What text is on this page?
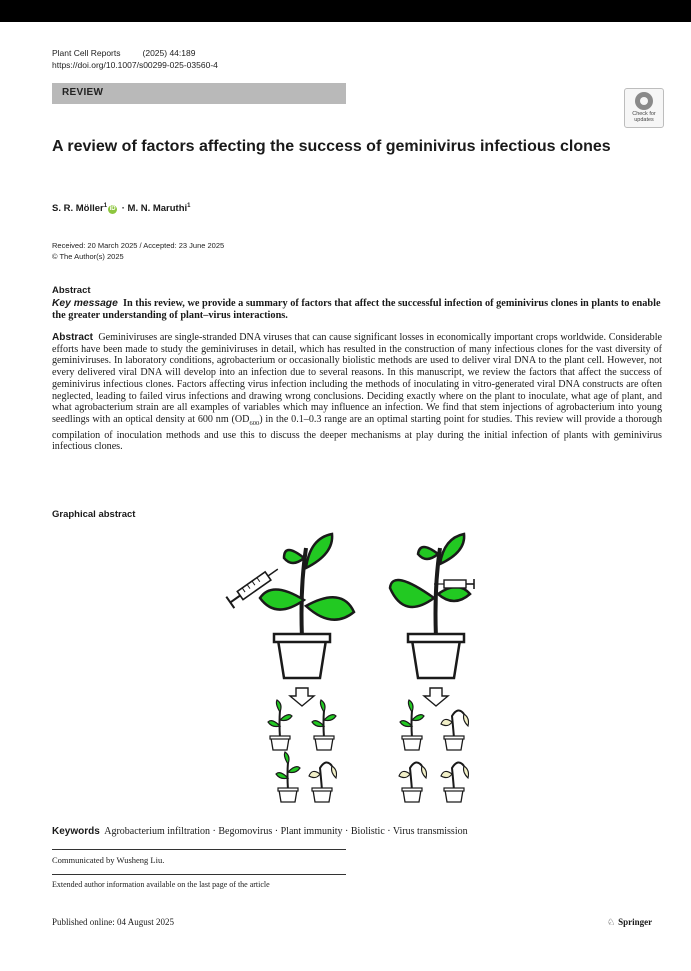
Plant Cell Reports	(2025) 44:189
https://doi.org/10.1007/s00299-025-03560-4
REVIEW
Check for updates
A review of factors affecting the success of geminivirus infectious clones
S. R. Möller$^1$iD · M. N. Maruthi$^1$
Received: 20 March 2025 / Accepted: 23 June 2025
© The Author(s) 2025
Abstract
Key message In this review, we provide a summary of factors that affect the successful infection of geminivirus clones in plants to enable the greater understanding of plant–virus interactions.
Abstract Geminiviruses are single-stranded DNA viruses that can cause significant losses in economically important crops worldwide. Considerable efforts have been made to study the geminiviruses in detail, which has resulted in the construction of many infectious clones for the vast diversity of geminiviruses. In laboratory conditions, agrobacterium or occasionally biolistic methods are used to deliver viral DNA to the plant cell. However, not every delivered viral DNA will develop into an infection due to several reasons. In this manuscript, we review the factors that affect the success of geminivirus infectious clones. Factors affecting virus infection including the methods of inoculating in vitro-generated viral DNA constructs are often neglected, leading to failed virus infections and drawing wrong conclusions. Deciding exactly where on the plant to inoculate, what age of plant, and what agrobacterium strain are all examples of variables which may influence an infection. We find that stem injections of agrobacterium into young seedlings with an optical density at 600 nm $(OD_{600})$ in the 0.1–0.3 range are an optimal starting point for studies. This review will provide a thorough compilation of inoculation methods and use this to discuss the deeper mechanisms at play during the initial infection of plants with geminivirus infectious clones.
Graphical abstract
Keywords Agrobacterium infiltration · Begomovirus · Plant immunity · Biolistic · Virus transmission
Communicated by Wusheng Liu.
Extended author information available on the last page of the article
Published online: 04 August 2025	♘ Springer
